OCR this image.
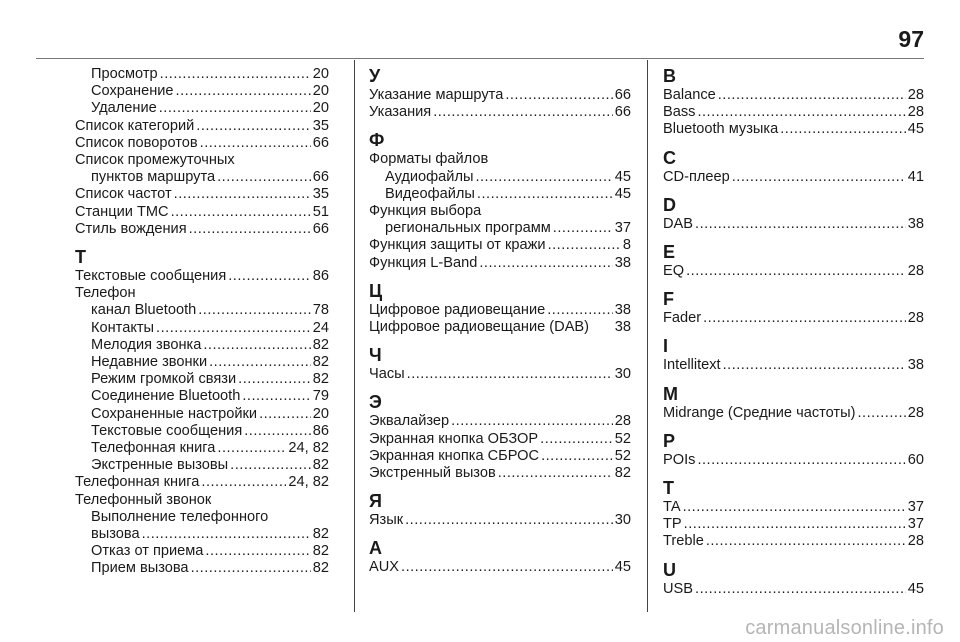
97
Просмотр .....	20
Сохранение .....	20
Удаление .....	20
Список категорий .....	35
Список поворотов .....	66
Список промежуточных
пунктов маршрута .....	66
Список частот .....	35
Станции TMC .....	51
Стиль вождения .....	66
Т
Текстовые сообщения .....	86
Телефон
канал Bluetooth .....	78
Контакты .....	24
Мелодия звонка .....	82
Недавние звонки .....	82
Режим громкой связи .....	82
Соединение Bluetooth .....	79
Сохраненные настройки .....	20
Текстовые сообщения .....	86
Телефонная книга .....	24, 82
Экстренные вызовы .....	82
Телефонная книга .....	24, 82
Телефонный звонок
Выполнение телефонного
вызова .....	82
Отказ от приема .....	82
Прием вызова .....	82
У
Указание маршрута .....	66
Указания .....	66
Ф
Форматы файлов
Аудиофайлы .....	45
Видеофайлы .....	45
Функция выбора
региональных программ .....	37
Функция защиты от кражи .....	8
Функция L-Band .....	38
Ц
Цифровое радиовещание .....	38
Цифровое радиовещание (DAB) 38
Ч
Часы .....	30
Э
Эквалайзер .....	28
Экранная кнопка ОБЗОР .....	52
Экранная кнопка СБРОС .....	52
Экстренный вызов .....	82
Я
Язык .....	30
A
AUX .....	45
B
Balance .....	28
Bass .....	28
Bluetooth музыка .....	45
C
CD-плеер .....	41
D
DAB .....	38
E
EQ .....	28
F
Fader .....	28
I
Intellitext .....	38
M
Midrange (Средние частоты) .....	28
P
POIs .....	60
T
TA .....	37
TP .....	37
Treble .....	28
U
USB .....	45
carmanualsonline.info
